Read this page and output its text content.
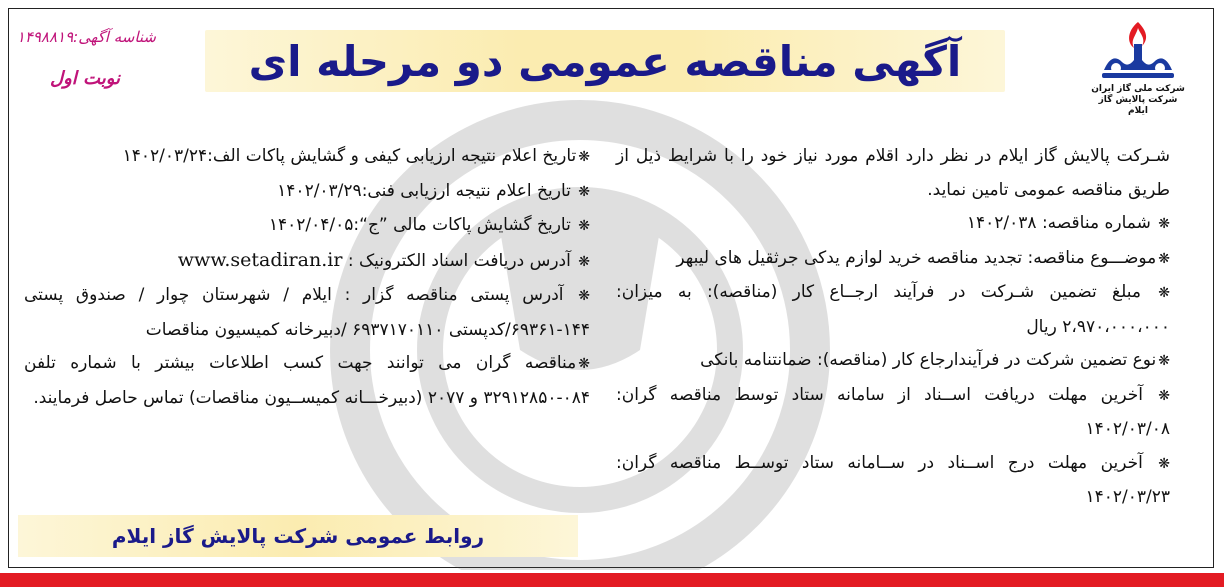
آگهی مناقصه عمومی دو مرحله ای
شناسه آگهی:۱۴۹۸۸۱۹
نوبت اول	شرکت ملی گاز ایران
شرکت پالایش گاز ایلام

شـرکت پالایش گاز ایلام در نظر دارد اقلام مورد نیاز خود را با شرایط ذیل از طریق مناقصه عمومی تامین نماید.

❋ شماره مناقصه: ۱۴۰۲/۰۳۸

❋موضـــوع مناقصه: تجدید مناقصه خرید لوازم یدکی جرثقیل های لیبهر

❋ مبلغ تضمین شـرکت در فرآیند ارجــاع کار (مناقصه): به میزان: ۲،۹۷۰،۰۰۰،۰۰۰ ریال

❋نوع تضمین شرکت در فرآیندارجاع کار (مناقصه): ضمانتنامه بانکی

❋ آخرین مهلت دریافت اســناد از سامانه ستاد توسط مناقصه گران: ۱۴۰۲/۰۳/۰۸

❋ آخرین مهلت درج اســناد در ســامانه ستاد توســط مناقصه گران: ۱۴۰۲/۰۳/۲۳

❋تاریخ اعلام نتیجه ارزیابی کیفی و گشایش پاکات الف:۱۴۰۲/۰۳/۲۴

❋ تاریخ اعلام نتیجه ارزیابی فنی:۱۴۰۲/۰۳/۲۹

❋ تاریخ گشایش پاکات مالی ”ج“:۱۴۰۲/۰۴/۰۵

❋ آدرس دریافت اسناد الکترونیک : www.setadiran.ir

❋ آدرس پستی مناقصه گزار : ایلام / شهرستان چوار / صندوق پستی ۱۴۴-۶۹۳۶۱/کدپستی ۶۹۳۷۱۷۰۱۱۰ /دبیرخانه کمیسیون مناقصات

❋مناقصه گران می توانند جهت کسب اطلاعات بیشتر با شماره تلفن ۰۸۴-۳۲۹۱۲۸۵۰ و ۲۰۷۷ (دبیرخـــانه کمیســیون مناقصات) تماس حاصل فرمایند.

روابط عمومی شرکت پالایش گاز ایلام
